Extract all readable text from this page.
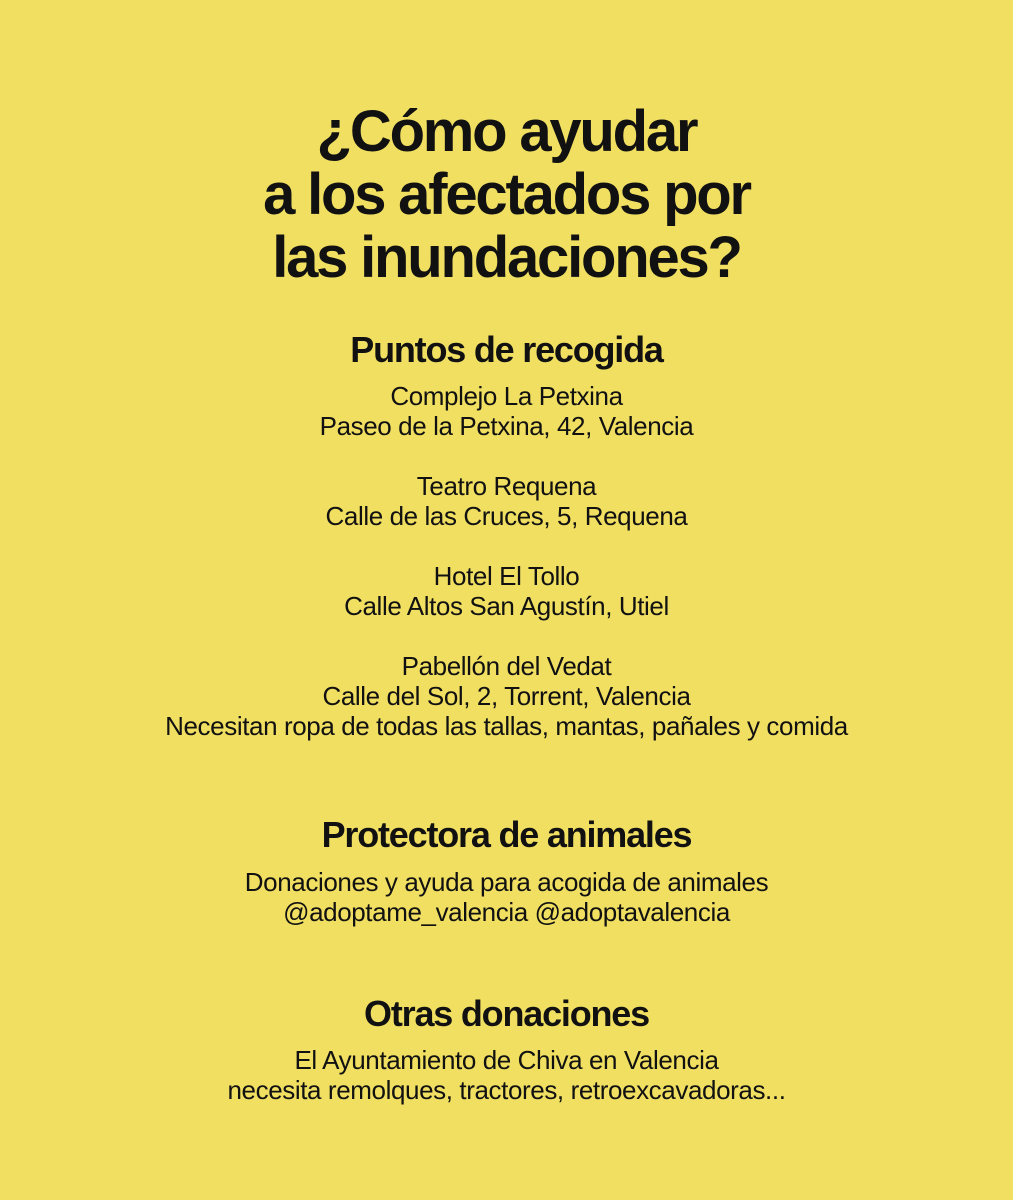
¿Cómo ayudar
a los afectados por
las inundaciones?
Puntos de recogida
Complejo La Petxina
Paseo de la Petxina, 42, Valencia
Teatro Requena
Calle de las Cruces, 5, Requena
Hotel El Tollo
Calle Altos San Agustín, Utiel
Pabellón del Vedat
Calle del Sol, 2, Torrent, Valencia
Necesitan ropa de todas las tallas, mantas, pañales y comida
Protectora de animales
Donaciones y ayuda para acogida de animales
@adoptame_valencia @adoptavalencia
Otras donaciones
El Ayuntamiento de Chiva en Valencia
necesita remolques, tractores, retroexcavadoras...
